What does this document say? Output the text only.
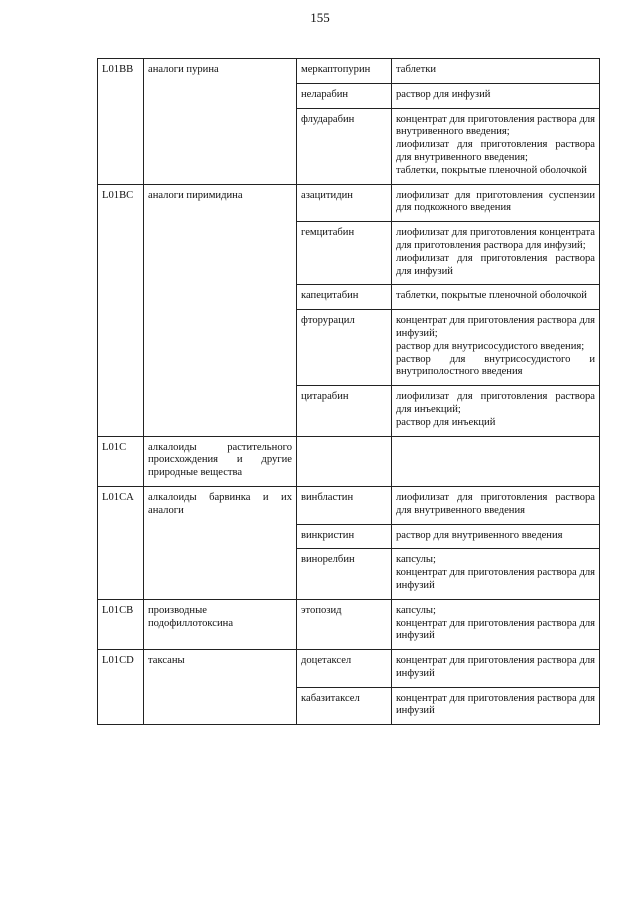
155
L01BB	аналоги пурина	меркаптопурин	таблетки

		неларабин	раствор для инфузий

		флударабин	концентрат для приготовления раствора для внутривенного введения;
лиофилизат для приготовления раствора для внутривенного введения;
таблетки, покрытые пленочной оболочкой

L01BC	аналоги пиримидина	азацитидин	лиофилизат для приготовления суспензии для подкожного введения

		гемцитабин	лиофилизат для приготовления концентрата для приготовления раствора для инфузий;
лиофилизат для приготовления раствора для инфузий

		капецитабин	таблетки, покрытые пленочной оболочкой

		фторурацил	концентрат для приготовления раствора для инфузий;
раствор для внутрисосудистого введения;
раствор для внутрисосудистого и внутриполостного введения

		цитарабин	лиофилизат для приготовления раствора для инъекций;
раствор для инъекций

L01C	алкалоиды растительного происхождения и другие природные вещества		
L01CA	алкалоиды барвинка и их аналоги	винбластин	лиофилизат для приготовления раствора для внутривенного введения

		винкристин	раствор для внутривенного введения

		винорелбин	капсулы;
концентрат для приготовления раствора для инфузий

L01CB	производные подофиллотоксина	этопозид	капсулы;
концентрат для приготовления раствора для инфузий

L01CD	таксаны	доцетаксел	концентрат для приготовления раствора для инфузий

		кабазитаксел	концентрат для приготовления раствора для инфузий
